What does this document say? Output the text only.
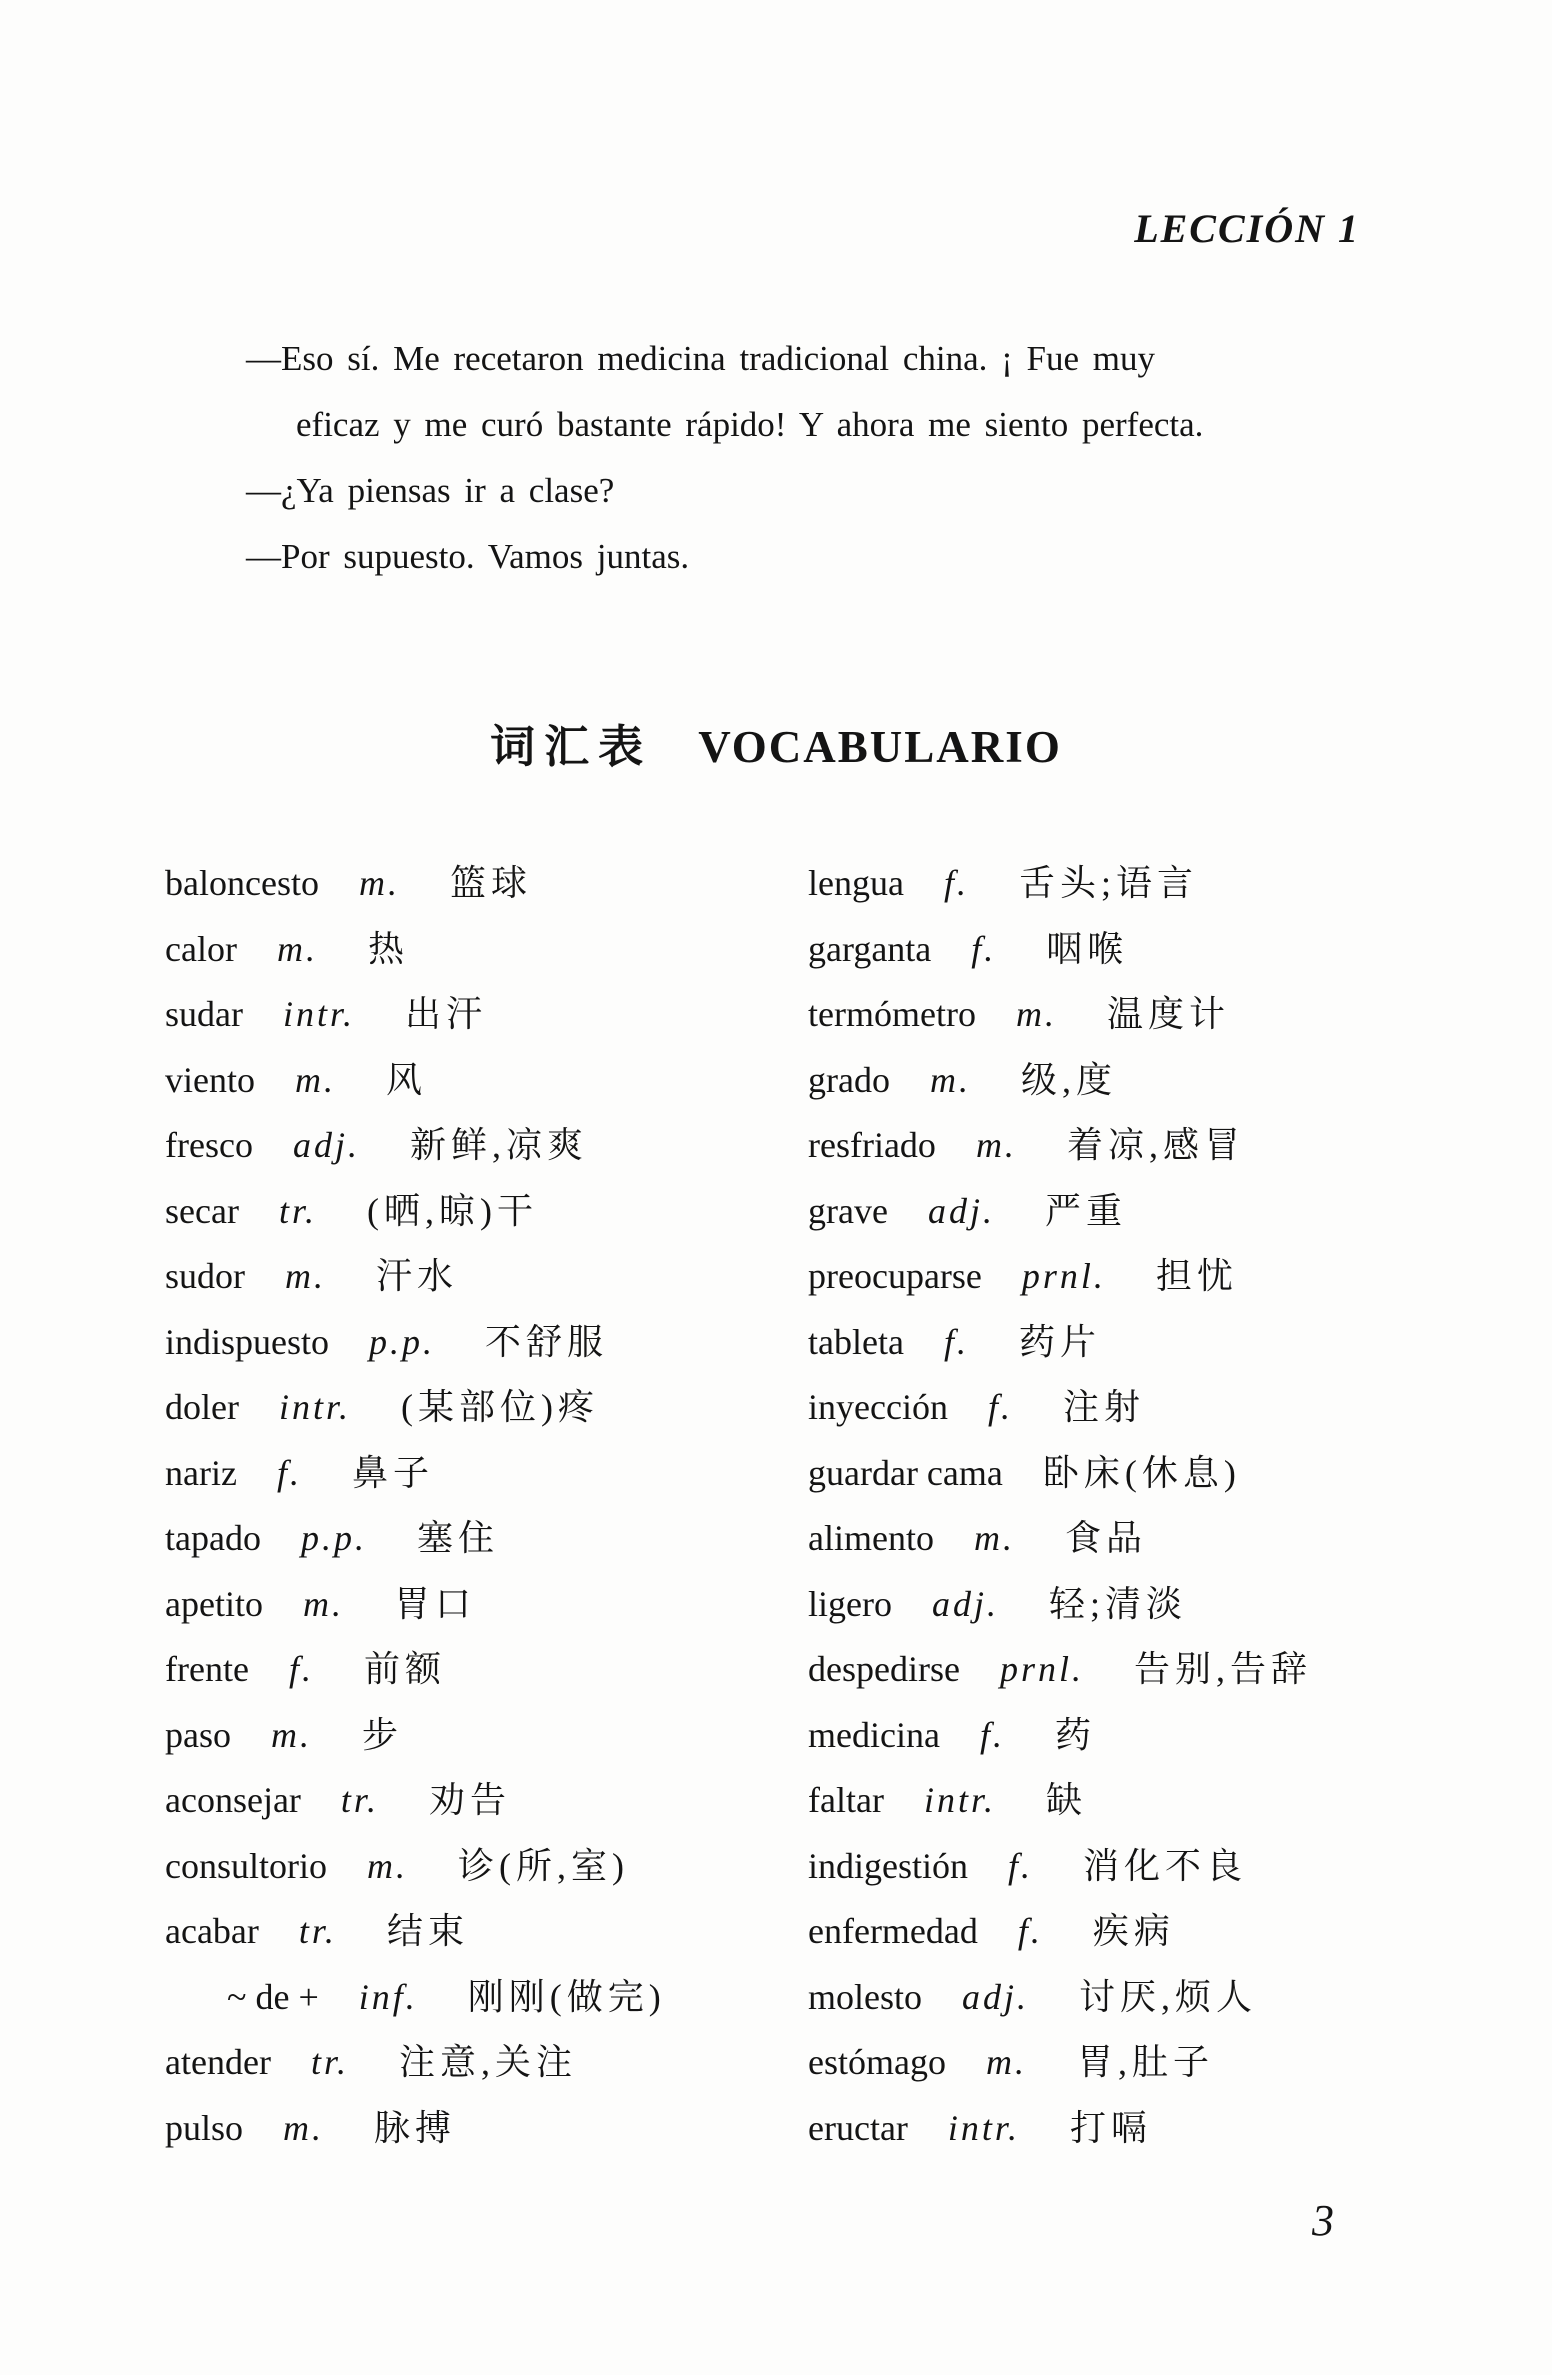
LECCIÓN 1
—Eso sí. Me recetaron medicina tradicional china. ¡ Fue muy
eficaz y me curó bastante rápido! Y ahora me siento perfecta.
—¿Ya piensas ir a clase?
—Por supuesto. Vamos juntas.
词汇表 VOCABULARIO
baloncesto m. 篮球
calor m. 热
sudar intr. 出汗
viento m. 风
fresco adj. 新鲜,凉爽
secar tr. (晒,晾)干
sudor m. 汗水
indispuesto p.p. 不舒服
doler intr. (某部位)疼
nariz f. 鼻子
tapado p.p. 塞住
apetito m. 胃口
frente f. 前额
paso m. 步
aconsejar tr. 劝告
consultorio m. 诊(所,室)
acabar tr. 结束
~ de + inf. 刚刚(做完)
atender tr. 注意,关注
pulso m. 脉搏
lengua f. 舌头;语言
garganta f. 咽喉
termómetro m. 温度计
grado m. 级,度
resfriado m. 着凉,感冒
grave adj. 严重
preocuparse prnl. 担忧
tableta f. 药片
inyección f. 注射
guardar cama 卧床(休息)
alimento m. 食品
ligero adj. 轻;清淡
despedirse prnl. 告别,告辞
medicina f. 药
faltar intr. 缺
indigestión f. 消化不良
enfermedad f. 疾病
molesto adj. 讨厌,烦人
estómago m. 胃,肚子
eructar intr. 打嗝
3
